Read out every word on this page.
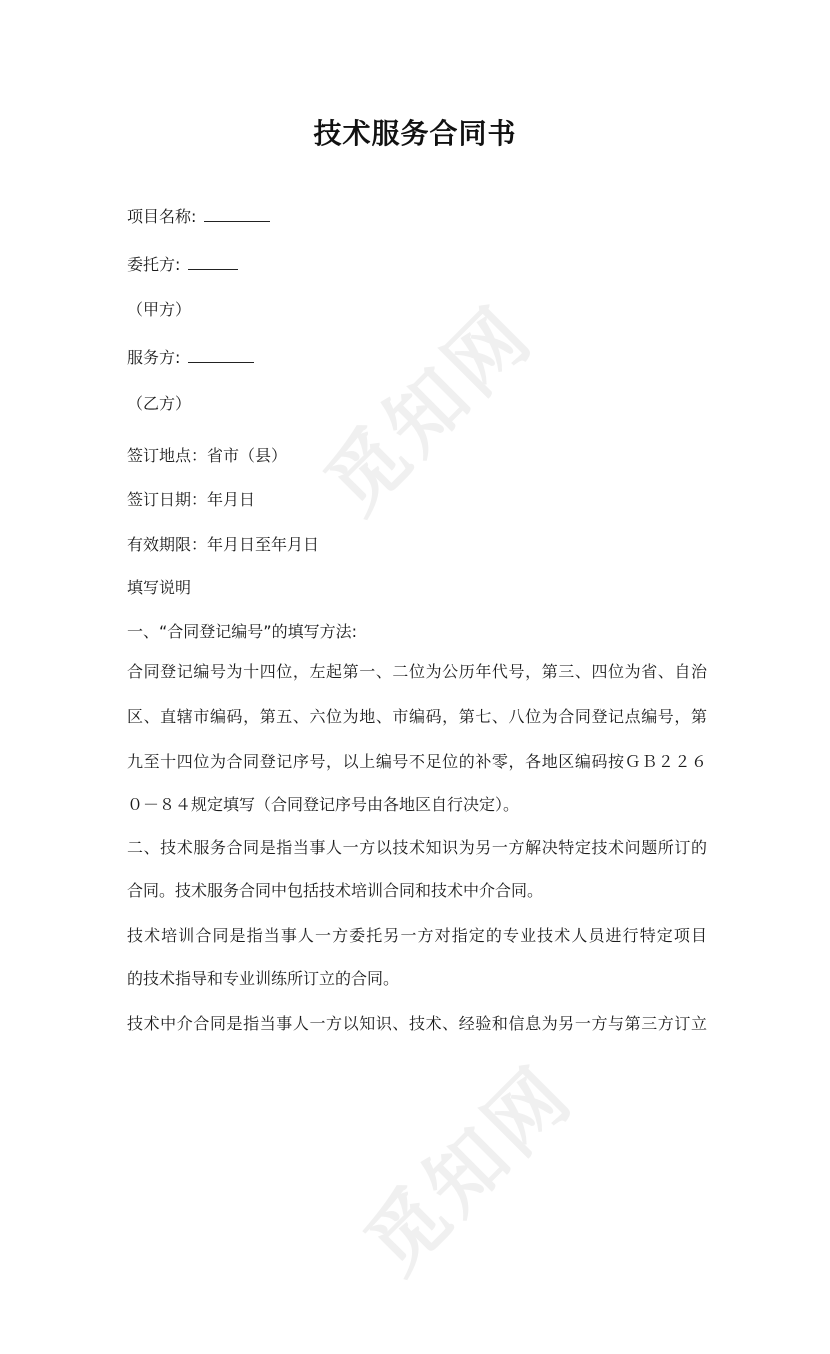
觅知网
觅知网
技术服务合同书
项目名称:
委托方:
（甲方）
服务方:
（乙方）
签订地点：省市（县）
签订日期：年月日
有效期限：年月日至年月日
填写说明
一、“合同登记编号”的填写方法:
合同登记编号为十四位，左起第一、二位为公历年代号，第三、四位为省、自治
区、直辖市编码，第五、六位为地、市编码，第七、八位为合同登记点编号，第
九至十四位为合同登记序号，以上编号不足位的补零，各地区编码按ＧＢ２２６
０－８４规定填写（合同登记序号由各地区自行决定）。
二、技术服务合同是指当事人一方以技术知识为另一方解决特定技术问题所订的
合同。技术服务合同中包括技术培训合同和技术中介合同。
技术培训合同是指当事人一方委托另一方对指定的专业技术人员进行特定项目
的技术指导和专业训练所订立的合同。
技术中介合同是指当事人一方以知识、技术、经验和信息为另一方与第三方订立
